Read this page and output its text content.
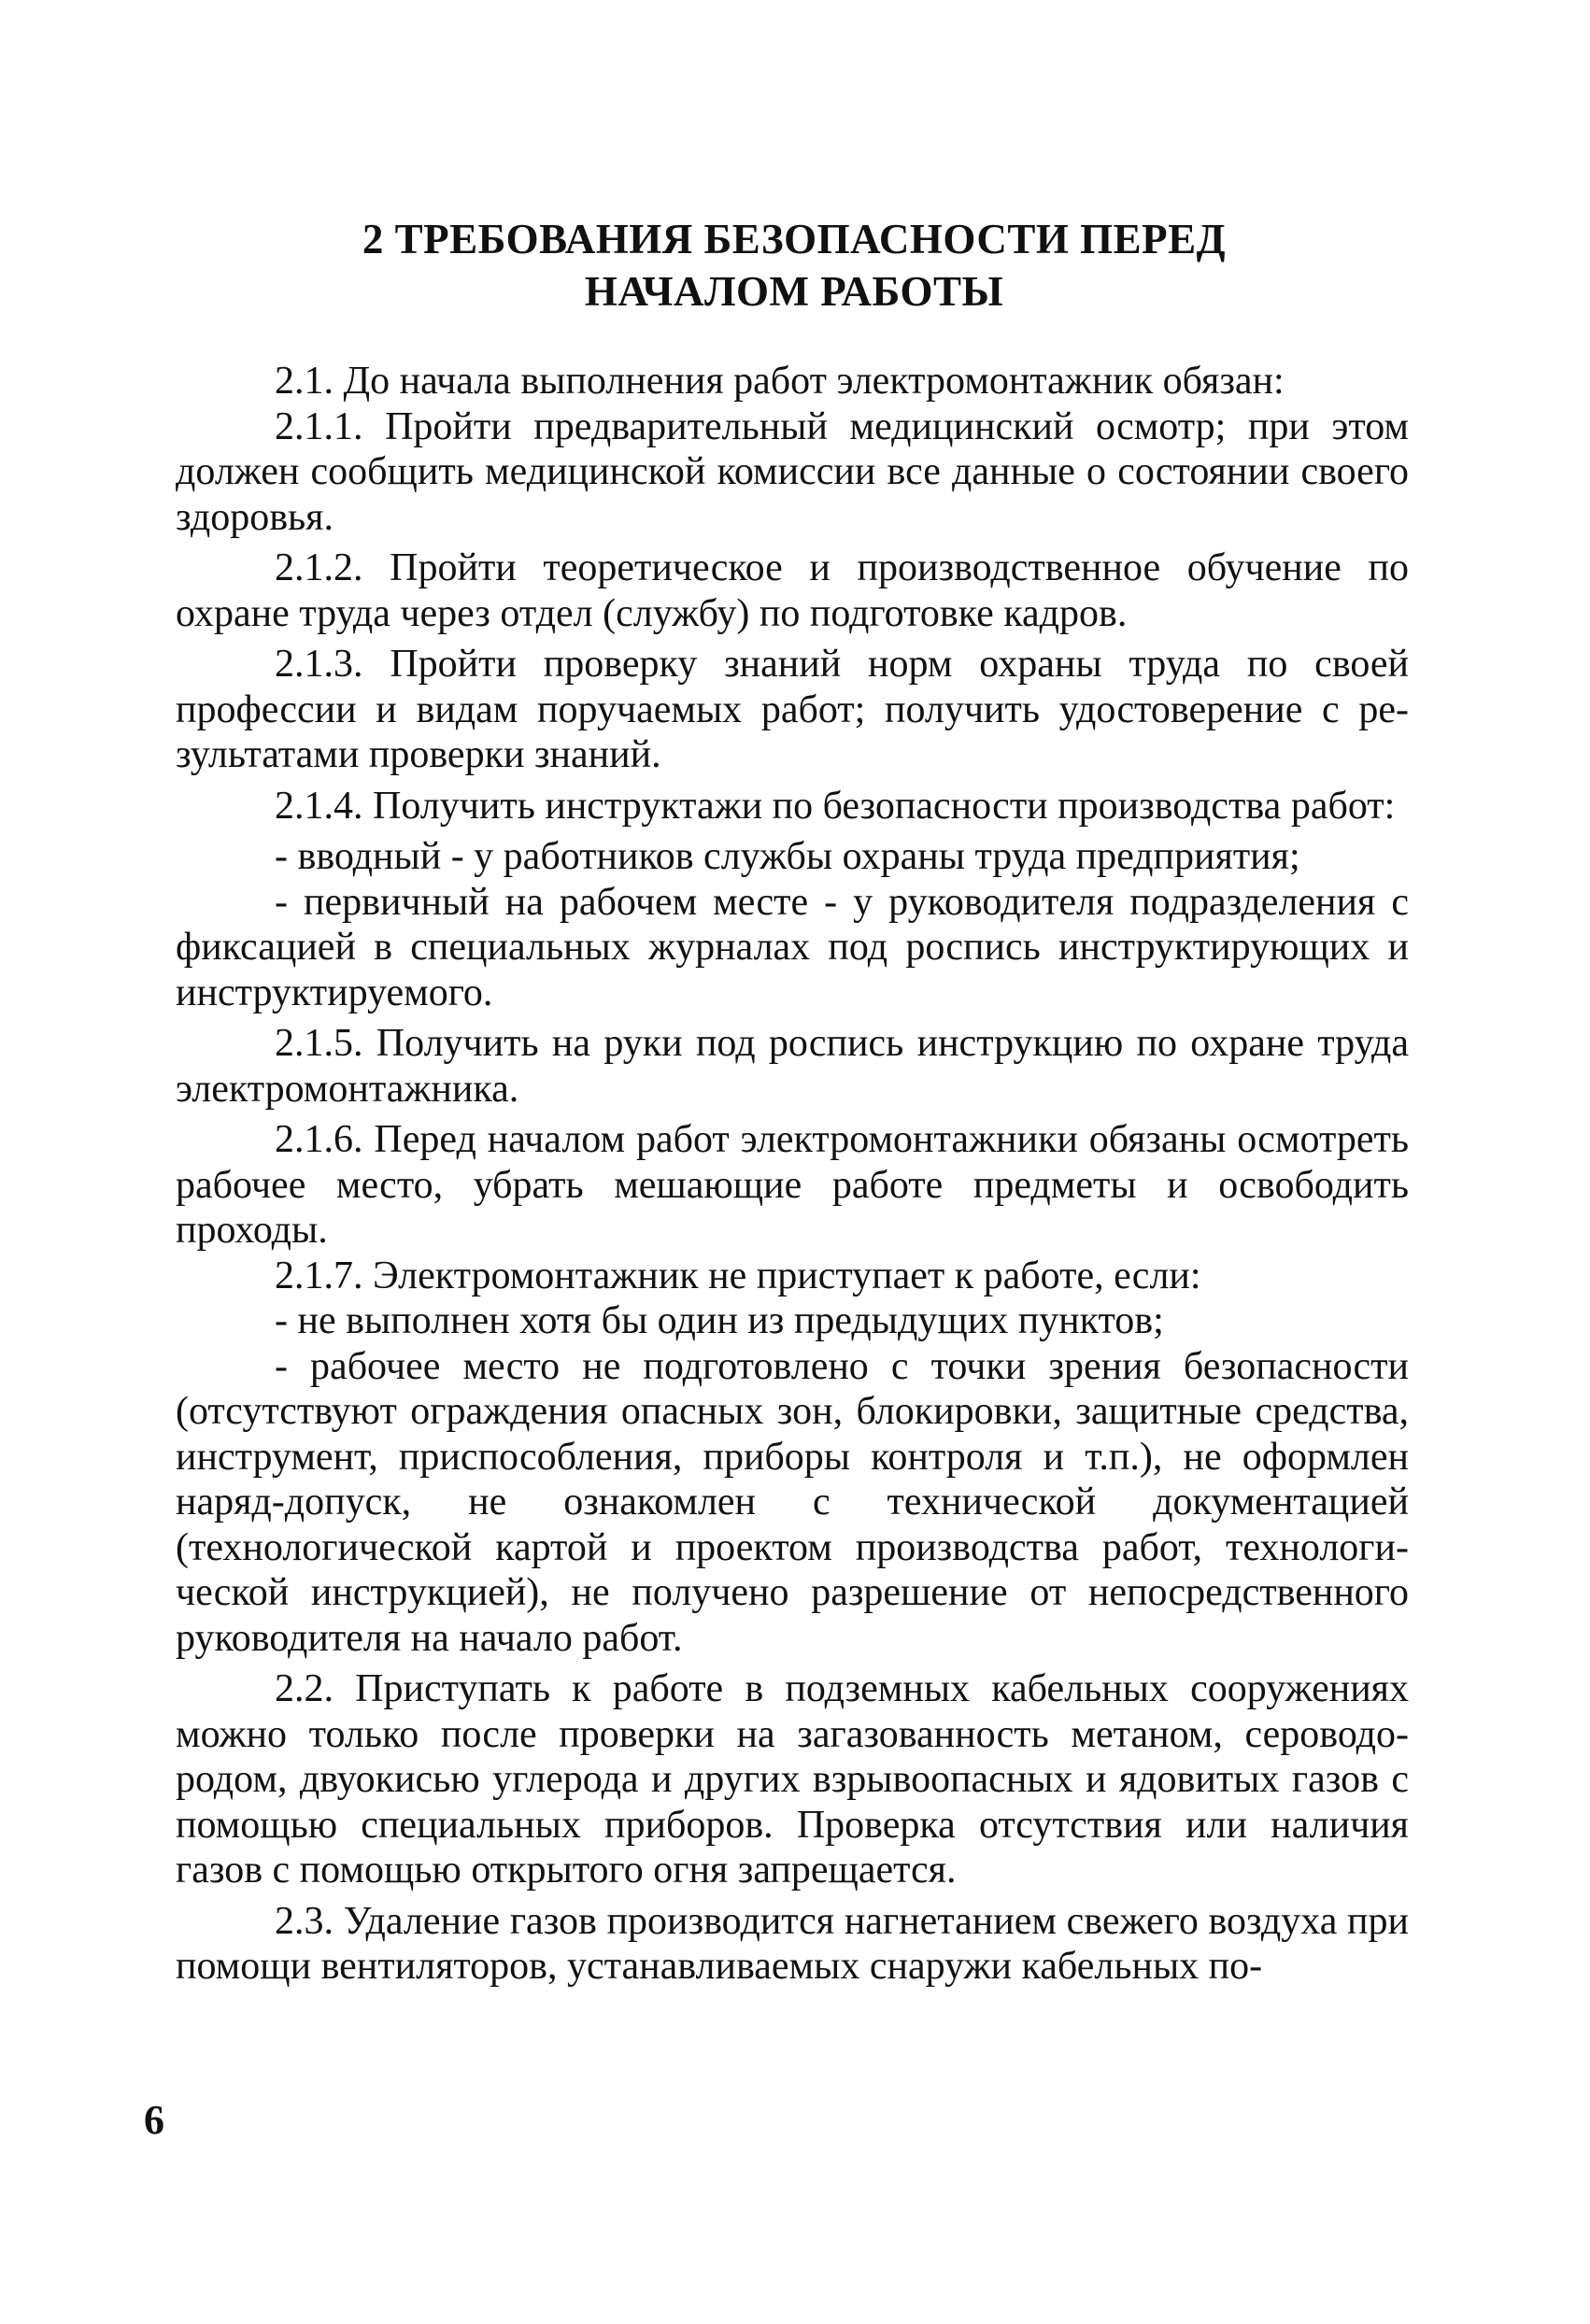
2 ТРЕБОВАНИЯ БЕЗОПАСНОСТИ ПЕРЕД
НАЧАЛОМ РАБОТЫ

2.1. До начала выполнения работ электромонтажник обязан:

2.1.1. Пройти предварительный медицинский осмотр; при этом должен сообщить медицинской комиссии все данные о состоянии своего здоровья.

2.1.2. Пройти теоретическое и производственное обучение по охране труда через отдел (службу) по подготовке кадров.

2.1.3. Пройти проверку знаний норм охраны труда по своей профессии и видам поручаемых работ; получить удостоверение с результатами проверки знаний.

2.1.4. Получить инструктажи по безопасности производства работ:

- вводный - у работников службы охраны труда предприятия;

- первичный на рабочем месте - у руководителя подразделения с фиксацией в специальных журналах под роспись инструктирующих и инструктируемого.

2.1.5. Получить на руки под роспись инструкцию по охране труда электромонтажника.

2.1.6. Перед началом работ электромонтажники обязаны осмотреть рабочее место, убрать мешающие работе предметы и освободить проходы.

2.1.7. Электромонтажник не приступает к работе, если:

- не выполнен хотя бы один из предыдущих пунктов;

- рабочее место не подготовлено с точки зрения безопасности (отсутствуют ограждения опасных зон, блокировки, защитные средства, инструмент, приспособления, приборы контроля и т.п.), не оформлен наряд-допуск, не ознакомлен с технической документацией (технологической картой и проектом производства работ, технологической инструкцией), не получено разрешение от непосредственного руководителя на начало работ.

2.2. Приступать к работе в подземных кабельных сооружениях можно только после проверки на загазованность метаном, сероводородом, двуокисью углерода и других взрывоопасных и ядовитых газов с помощью специальных приборов. Проверка отсутствия или наличия газов с помощью открытого огня запрещается.

2.3. Удаление газов производится нагнетанием свежего воздуха при помощи вентиляторов, устанавливаемых снаружи кабельных по-

6
